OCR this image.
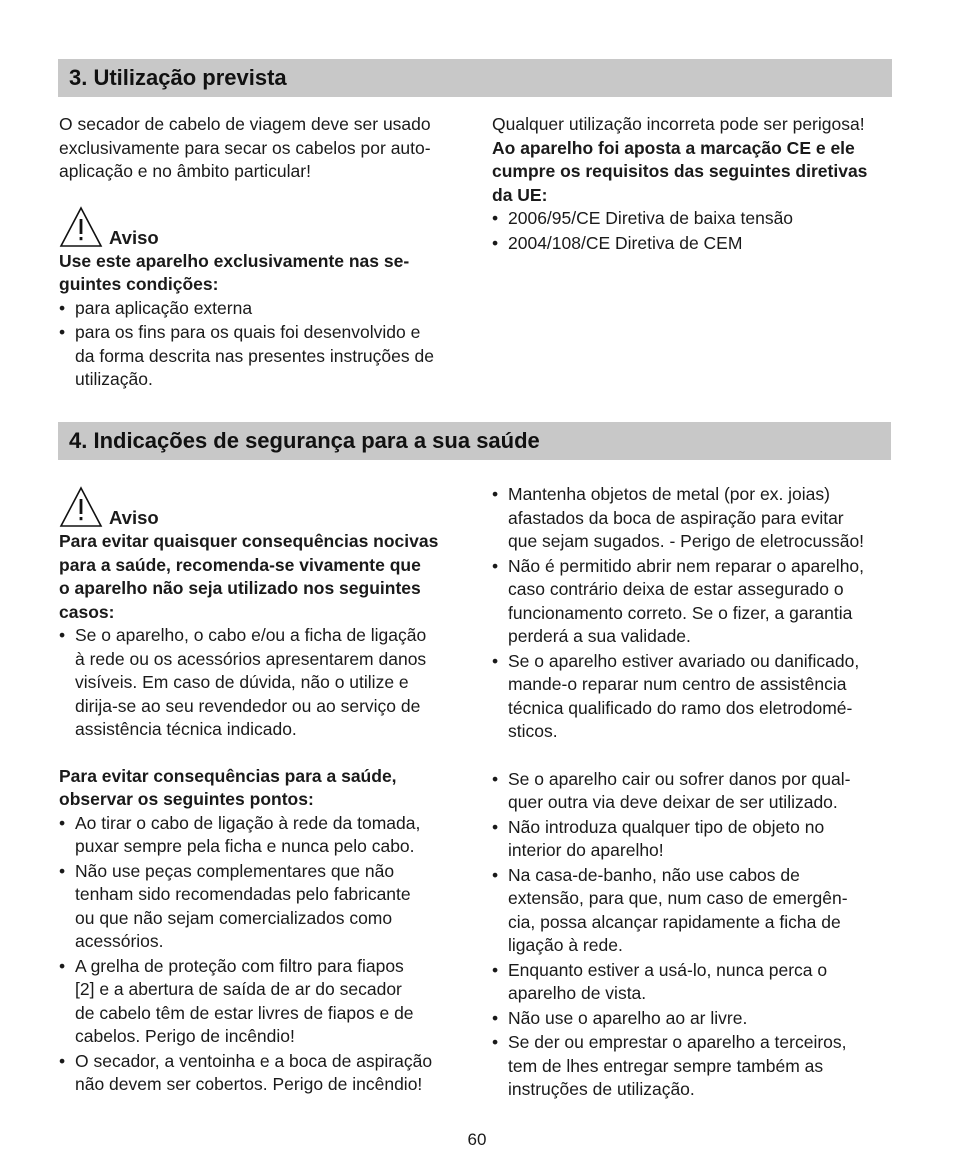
3. Utilização prevista

O secador de cabelo de viagem deve ser usado
exclusivamente para secar os cabelos por auto-
aplicação e no âmbito particular!

Aviso

Use este aparelho exclusivamente nas se-
guintes condições:

• para aplicação externa
• para os fins para os quais foi desenvolvido e
da forma descrita nas presentes instruções de
utilização.

Qualquer utilização incorreta pode ser perigosa!

Ao aparelho foi aposta a marcação CE e ele
cumpre os requisitos das seguintes diretivas
da UE:

• 2006/95/CE Diretiva de baixa tensão
• 2004/108/CE Diretiva de CEM
4. Indicações de segurança para a sua saúde
Aviso

Para evitar quaisquer consequências nocivas
para a saúde, recomenda-se vivamente que
o aparelho não seja utilizado nos seguintes
casos:

• Se o aparelho, o cabo e/ou a ficha de ligação
à rede ou os acessórios apresentarem danos
visíveis. Em caso de dúvida, não o utilize e
dirija-se ao seu revendedor ou ao serviço de
assistência técnica indicado.

Para evitar consequências para a saúde,
observar os seguintes pontos:

• Ao tirar o cabo de ligação à rede da tomada,
puxar sempre pela ficha e nunca pelo cabo.
• Não use peças complementares que não
tenham sido recomendadas pelo fabricante
ou que não sejam comercializados como
acessórios.
• A grelha de proteção com filtro para fiapos
[2] e a abertura de saída de ar do secador
de cabelo têm de estar livres de fiapos e de
cabelos. Perigo de incêndio!
• O secador, a ventoinha e a boca de aspiração
não devem ser cobertos. Perigo de incêndio!
• Mantenha objetos de metal (por ex. joias)
afastados da boca de aspiração para evitar
que sejam sugados. - Perigo de eletrocussão!
• Não é permitido abrir nem reparar o aparelho,
caso contrário deixa de estar assegurado o
funcionamento correto. Se o fizer, a garantia
perderá a sua validade.
• Se o aparelho estiver avariado ou danificado,
mande-o reparar num centro de assistência
técnica qualificado do ramo dos eletrodomé-
sticos.
• Se o aparelho cair ou sofrer danos por qual-
quer outra via deve deixar de ser utilizado.
• Não introduza qualquer tipo de objeto no
interior do aparelho!
• Na casa-de-banho, não use cabos de
extensão, para que, num caso de emergên-
cia, possa alcançar rapidamente a ficha de
ligação à rede.
• Enquanto estiver a usá-lo, nunca perca o
aparelho de vista.
• Não use o aparelho ao ar livre.
• Se der ou emprestar o aparelho a terceiros,
tem de lhes entregar sempre também as
instruções de utilização.
60
